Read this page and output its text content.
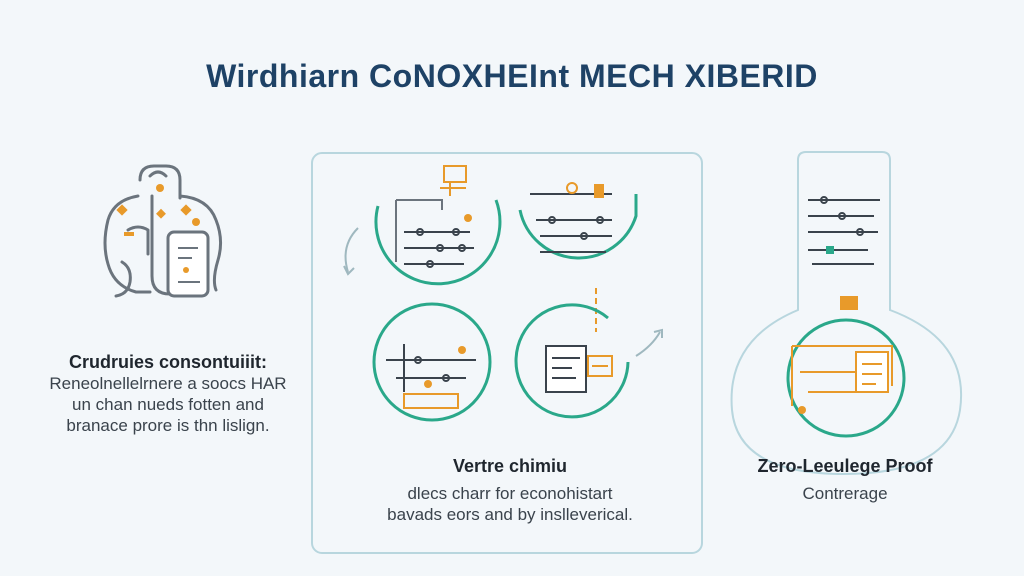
Wirdhiarn CoNOXHEInt MECH XIBERID
Crudruies consontuiiit:
Reneolnellelrnere a soocs HAR
un chan nueds fotten and
branace prore is thn lislign.
Vertre chimiu
dlecs charr for econohistart
bavads eors and by inslleverical.
Zero-Leeulege Proof
Contrerage
